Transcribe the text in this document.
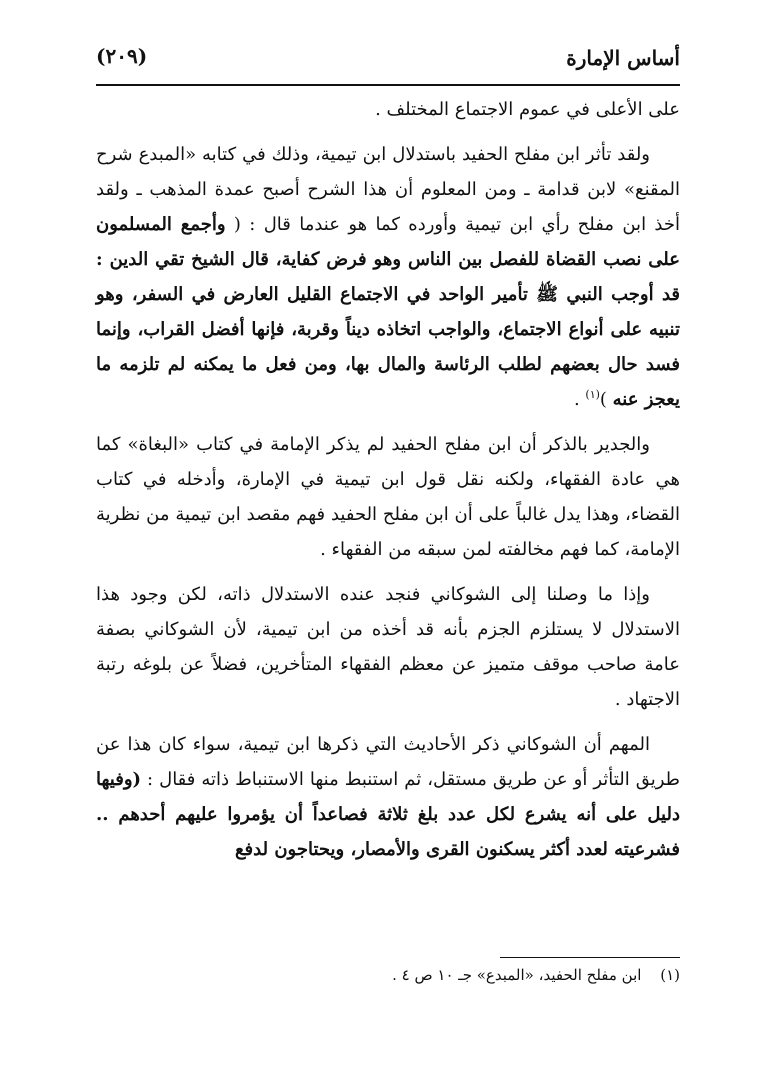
أساس الإمارة
(٢٠٩)

على الأعلى في عموم الاجتماع المختلف .

ولقد تأثر ابن مفلح الحفيد باستدلال ابن تيمية، وذلك في كتابه «المبدع شرح المقنع» لابن قدامة ـ ومن المعلوم أن هذا الشرح أصبح عمدة المذهب ـ ولقد أخذ ابن مفلح رأي ابن تيمية وأورده كما هو عندما قال : ( وأجمع المسلمون على نصب القضاة للفصل بين الناس وهو فرض كفاية، قال الشيخ تقي الدين : قد أوجب النبي ﷺ تأمير الواحد في الاجتماع القليل العارض في السفر، وهو تنبيه على أنواع الاجتماع، والواجب اتخاذه ديناً وقربة، فإنها أفضل القراب، وإنما فسد حال بعضهم لطلب الرئاسة والمال بها، ومن فعل ما يمكنه لم تلزمه ما يعجز عنه )$^{(١)}$ .

والجدير بالذكر أن ابن مفلح الحفيد لم يذكر الإمامة في كتاب «البغاة» كما هي عادة الفقهاء، ولكنه نقل قول ابن تيمية في الإمارة، وأدخله في كتاب القضاء، وهذا يدل غالباً على أن ابن مفلح الحفيد فهم مقصد ابن تيمية من نظرية الإمامة، كما فهم مخالفته لمن سبقه من الفقهاء .

وإذا ما وصلنا إلى الشوكاني فنجد عنده الاستدلال ذاته، لكن وجود هذا الاستدلال لا يستلزم الجزم بأنه قد أخذه من ابن تيمية، لأن الشوكاني بصفة عامة صاحب موقف متميز عن معظم الفقهاء المتأخرين، فضلاً عن بلوغه رتبة الاجتهاد .

المهم أن الشوكاني ذكر الأحاديث التي ذكرها ابن تيمية، سواء كان هذا عن طريق التأثر أو عن طريق مستقل، ثم استنبط منها الاستنباط ذاته فقال : (وفيها دليل على أنه يشرع لكل عدد بلغ ثلاثة فصاعداً أن يؤمروا عليهم أحدهم .. فشرعيته لعدد أكثر يسكنون القرى والأمصار، ويحتاجون لدفع

(١) ابن مفلح الحفيد، «المبدع» جـ ١٠ ص ٤ .
